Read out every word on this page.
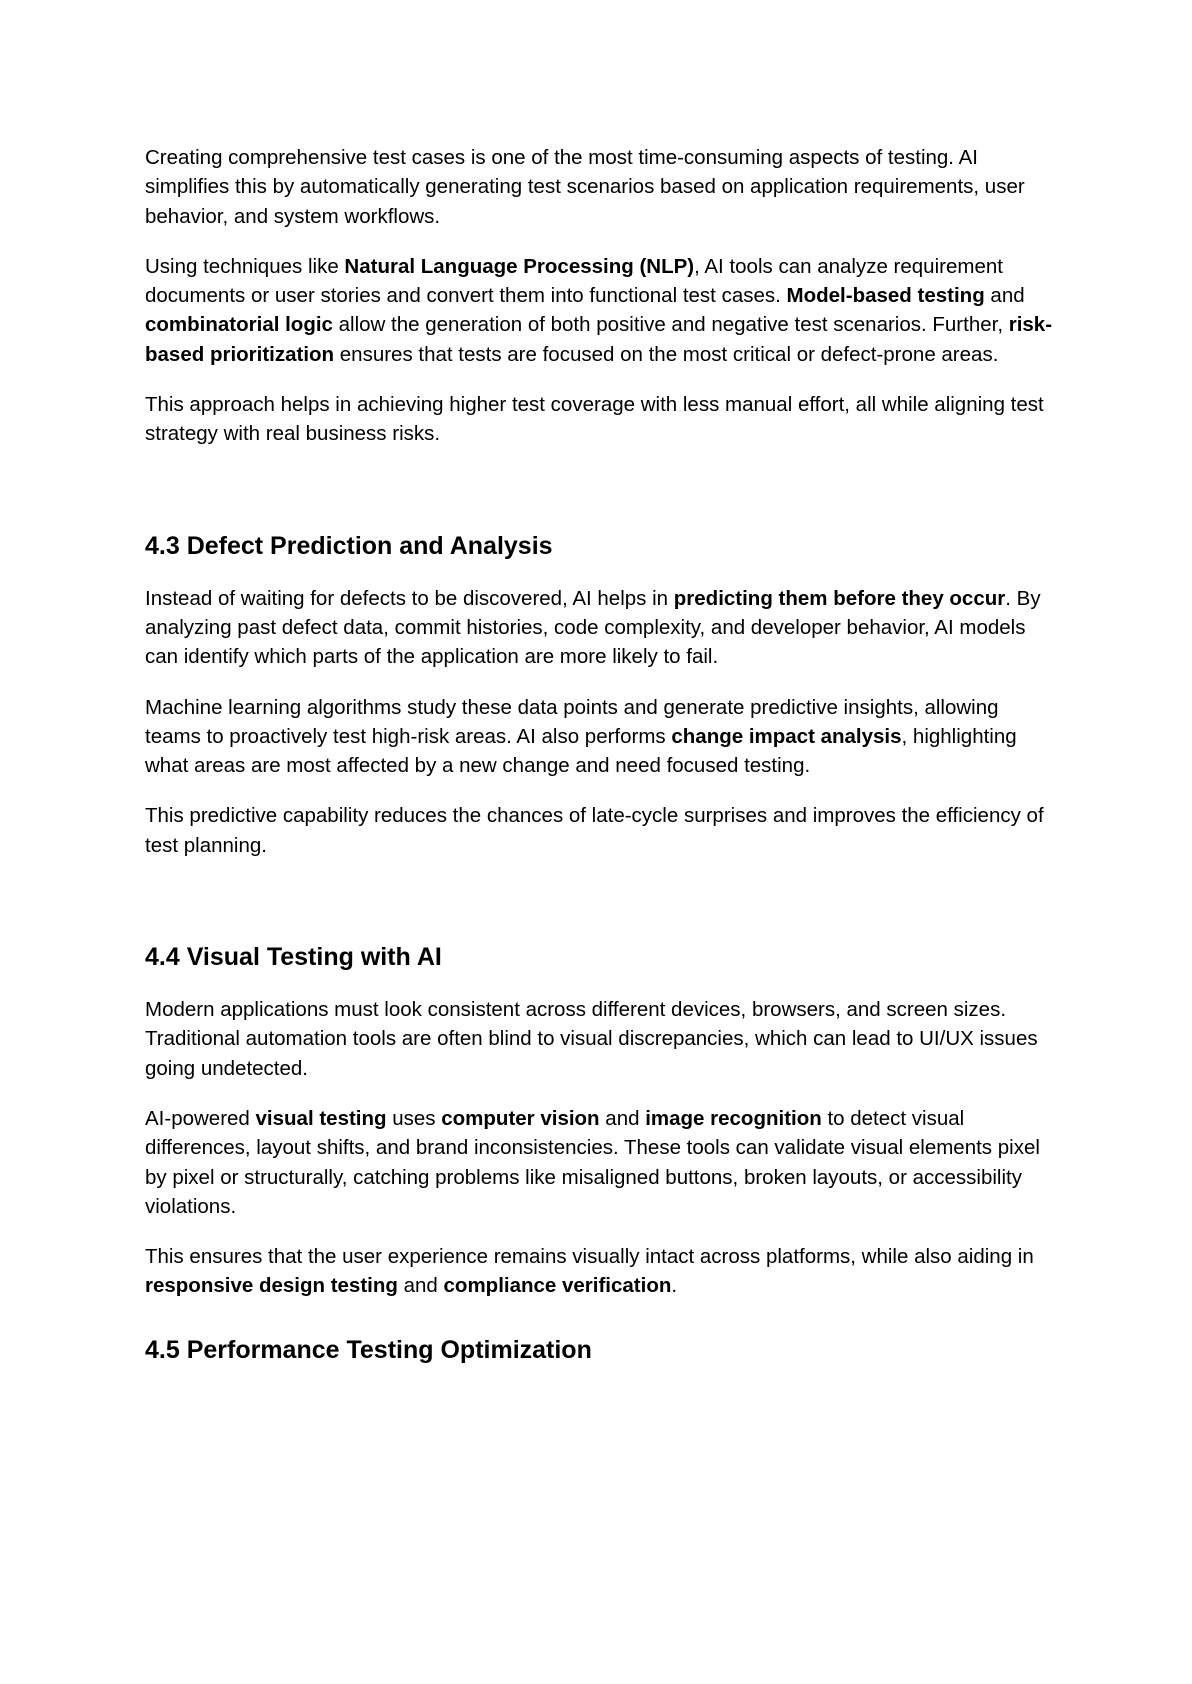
Creating comprehensive test cases is one of the most time-consuming aspects of testing. AI simplifies this by automatically generating test scenarios based on application requirements, user behavior, and system workflows.

Using techniques like Natural Language Processing (NLP), AI tools can analyze requirement documents or user stories and convert them into functional test cases. Model-based testing and combinatorial logic allow the generation of both positive and negative test scenarios. Further, risk-based prioritization ensures that tests are focused on the most critical or defect-prone areas.

This approach helps in achieving higher test coverage with less manual effort, all while aligning test strategy with real business risks.

4.3 Defect Prediction and Analysis

Instead of waiting for defects to be discovered, AI helps in predicting them before they occur. By analyzing past defect data, commit histories, code complexity, and developer behavior, AI models can identify which parts of the application are more likely to fail.

Machine learning algorithms study these data points and generate predictive insights, allowing teams to proactively test high-risk areas. AI also performs change impact analysis, highlighting what areas are most affected by a new change and need focused testing.

This predictive capability reduces the chances of late-cycle surprises and improves the efficiency of test planning.

4.4 Visual Testing with AI

Modern applications must look consistent across different devices, browsers, and screen sizes. Traditional automation tools are often blind to visual discrepancies, which can lead to UI/UX issues going undetected.

AI-powered visual testing uses computer vision and image recognition to detect visual differences, layout shifts, and brand inconsistencies. These tools can validate visual elements pixel by pixel or structurally, catching problems like misaligned buttons, broken layouts, or accessibility violations.

This ensures that the user experience remains visually intact across platforms, while also aiding in responsive design testing and compliance verification.

4.5 Performance Testing Optimization
